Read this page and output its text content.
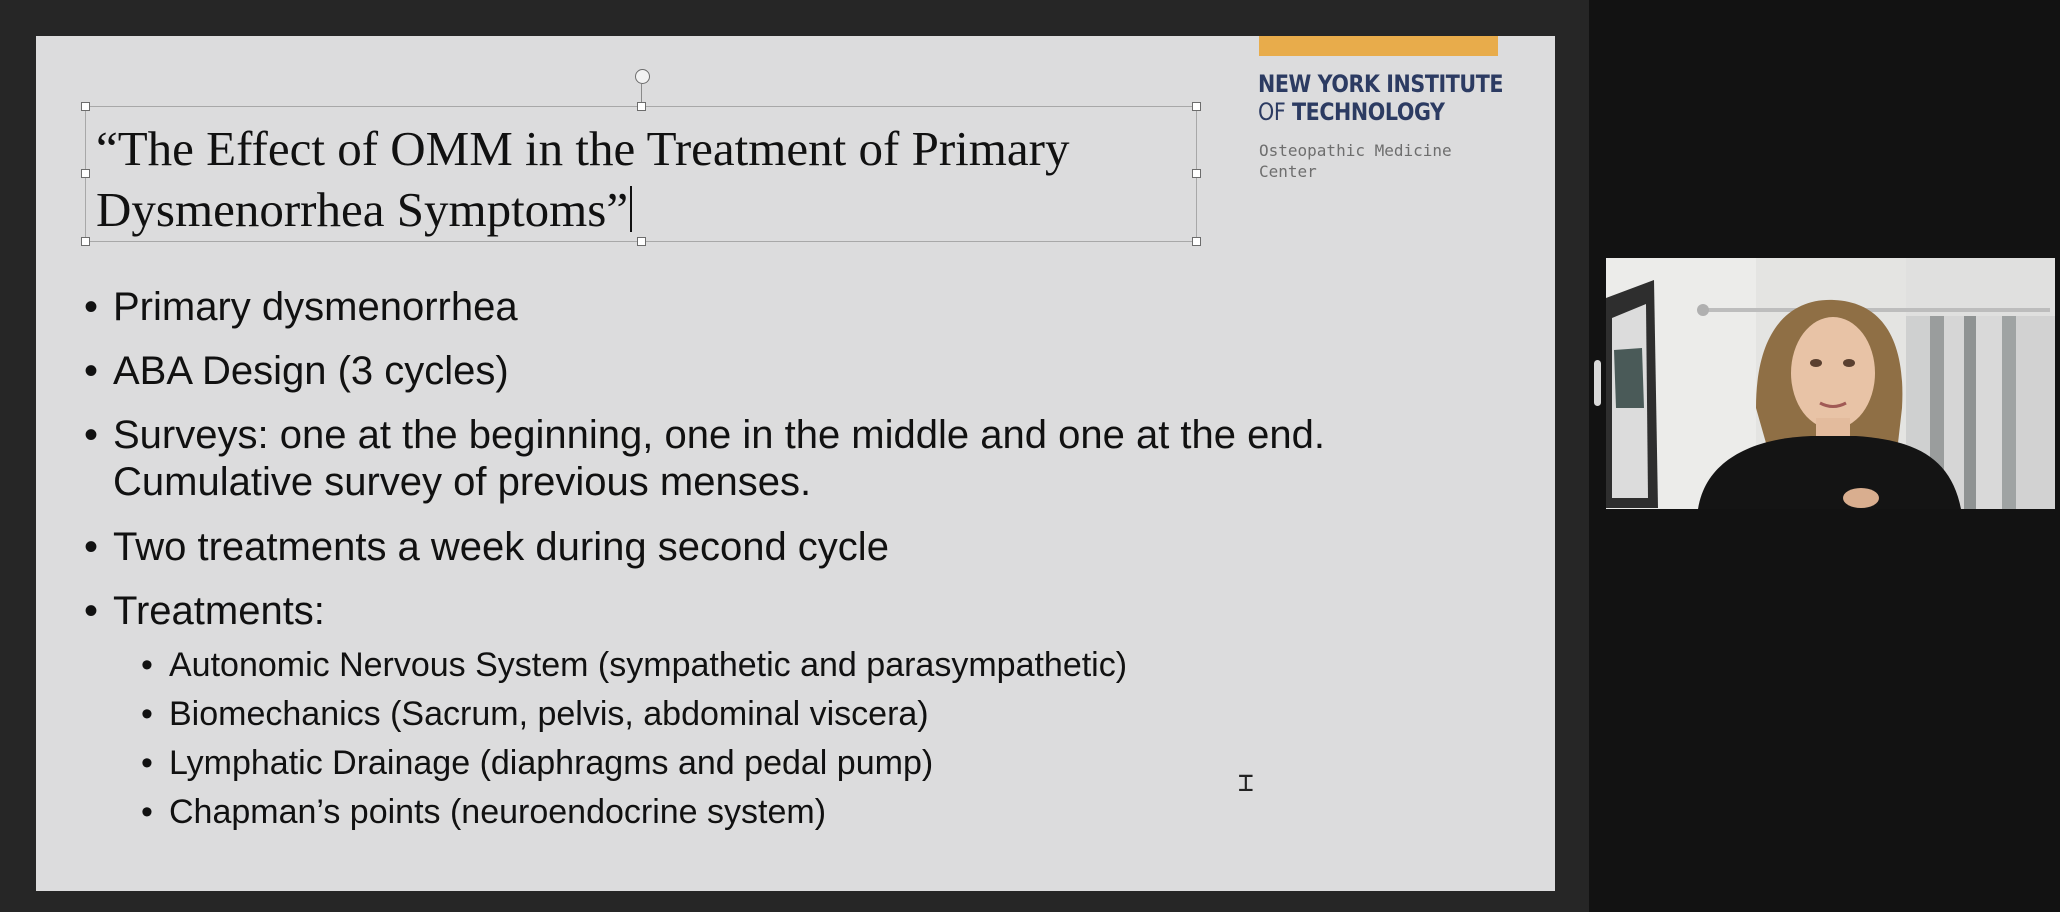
NEW YORK INSTITUTE
OF TECHNOLOGY
Osteopathic Medicine
Center
“The Effect of OMM in the Treatment of Primary
Dysmenorrhea Symptoms”
• Primary dysmenorrhea
• ABA Design (3 cycles)
• Surveys: one at the beginning, one in the middle and one at the end.
Cumulative survey of previous menses.
• Two treatments a week during second cycle
• Treatments:
• Autonomic Nervous System (sympathetic and parasympathetic)
• Biomechanics (Sacrum, pelvis, abdominal viscera)
• Lymphatic Drainage (diaphragms and pedal pump)
• Chapman’s points (neuroendocrine system)
⌶
